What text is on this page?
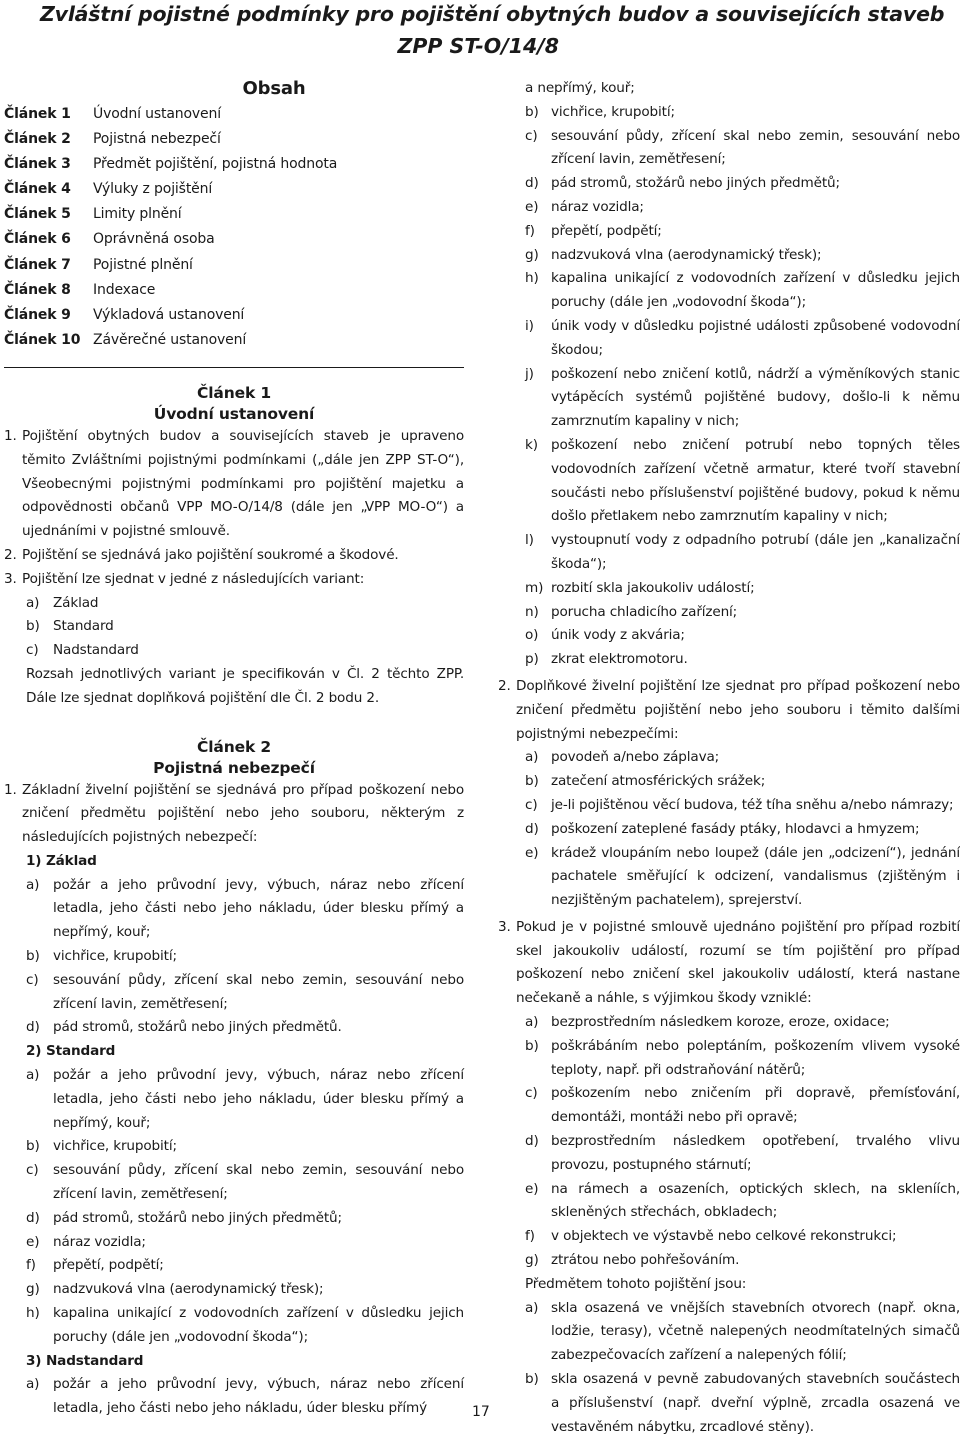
Zvláštní pojistné podmínky pro pojištění obytných budov a souvisejících staveb
ZPP ST-O/14/8
Obsah
Článek 1	Úvodní ustanovení
Článek 2	Pojistná nebezpečí
Článek 3	Předmět pojištění, pojistná hodnota
Článek 4	Výluky z pojištění
Článek 5	Limity plnění
Článek 6	Oprávněná osoba
Článek 7	Pojistné plnění
Článek 8	Indexace
Článek 9	Výkladová ustanovení
Článek 10 Závěrečné ustanovení
Článek 1
Úvodní ustanovení
1. Pojištění obytných budov a souvisejících staveb je upraveno těmito Zvláštními pojistnými podmínkami („dále jen ZPP ST-O“), Všeobecnými pojistnými podmínkami pro pojištění majetku a odpovědnosti občanů VPP MO-O/14/8 (dále jen „VPP MO-O“) a ujednáními v pojistné smlouvě.
2. Pojištění se sjednává jako pojištění soukromé a škodové.
3. Pojištění lze sjednat v jedné z následujících variant:
a)	Základ
b) Standard
c)	Nadstandard
Rozsah jednotlivých variant je specifikován v Čl. 2 těchto ZPP. Dále lze sjednat doplňková pojištění dle Čl. 2 bodu 2.
Článek 2
Pojistná nebezpečí
1. Základní živelní pojištění se sjednává pro případ poškození nebo zničení předmětu pojištění nebo jeho souboru, některým z následujících pojistných nebezpečí:
1) Základ
a)	požár a jeho průvodní jevy, výbuch, náraz nebo zřícení letadla, jeho části nebo jeho nákladu, úder blesku přímý a nepřímý, kouř;
b) vichřice, krupobití;
c)	sesouvání půdy, zřícení skal nebo zemin, sesouvání nebo zřícení lavin, zemětřesení;
d) pád stromů, stožárů nebo jiných předmětů.
2) Standard
a)	požár a jeho průvodní jevy, výbuch, náraz nebo zřícení letadla, jeho části nebo jeho nákladu, úder blesku přímý a nepřímý, kouř;
b) vichřice, krupobití;
c)	sesouvání půdy, zřícení skal nebo zemin, sesouvání nebo zřícení lavin, zemětřesení;
d) pád stromů, stožárů nebo jiných předmětů;
e)	náraz vozidla;
f)	přepětí, podpětí;
g) nadzvuková vlna (aerodynamický třesk);
h) kapalina unikající z vodovodních zařízení v důsledku jejich poruchy (dále jen „vodovodní škoda“);
3) Nadstandard
a)	požár a jeho průvodní jevy, výbuch, náraz nebo zřícení letadla, jeho části nebo jeho nákladu, úder blesku přímý
a nepřímý, kouř;
b) vichřice, krupobití;
c) sesouvání půdy, zřícení skal nebo zemin, sesouvání nebo zřícení lavin, zemětřesení;
d) pád stromů, stožárů nebo jiných předmětů;
e) náraz vozidla;
f)	přepětí, podpětí;
g) nadzvuková vlna (aerodynamický třesk);
h) kapalina unikající z vodovodních zařízení v důsledku jejich poruchy (dále jen „vodovodní škoda“);
i)	únik vody v důsledku pojistné události způsobené vodovodní škodou;
j)	poškození nebo zničení kotlů, nádrží a výměníkových stanic vytápěcích systémů pojištěné budovy, došlo-li k němu zamrznutím kapaliny v nich;
k) poškození nebo zničení potrubí nebo topných těles vodovodních zařízení včetně armatur, které tvoří stavební součásti nebo příslušenství pojištěné budovy, pokud k němu došlo přetlakem nebo zamrznutím kapaliny v nich;
l)	vystoupnutí vody z odpadního potrubí (dále jen „kanalizační škoda“);
m) rozbití skla jakoukoliv událostí;
n) porucha chladicího zařízení;
o) únik vody z akvária;
p) zkrat elektromotoru.
2. Doplňkové živelní pojištění lze sjednat pro případ poškození nebo zničení předmětu pojištění nebo jeho souboru i těmito dalšími pojistnými nebezpečími:
a) povodeň a/nebo záplava;
b) zatečení atmosférických srážek;
c) je-li pojištěnou věcí budova, též tíha sněhu a/nebo námrazy;
d) poškození zateplené fasády ptáky, hlodavci a hmyzem;
e) krádež vloupáním nebo loupež (dále jen „odcizení“), jednání pachatele směřující k odcizení, vandalismus (zjištěným i nezjištěným pachatelem), sprejerství.
3. Pokud je v pojistné smlouvě ujednáno pojištění pro případ rozbití skel jakoukoliv událostí, rozumí se tím pojištění pro případ poškození nebo zničení skel jakoukoliv událostí, která nastane nečekaně a náhle, s výjimkou škody vzniklé:
a) bezprostředním následkem koroze, eroze, oxidace;
b) poškrábáním nebo poleptáním, poškozením vlivem vysoké teploty, např. při odstraňování nátěrů;
c) poškozením nebo zničením při dopravě, přemísťování, demontáži, montáži nebo při opravě;
d) bezprostředním následkem opotřebení, trvalého vlivu provozu, postupného stárnutí;
e) na rámech a osazeních, optických sklech, na skleníích, skleněných střechách, obkladech;
f)	v objektech ve výstavbě nebo celkové rekonstrukci;
g) ztrátou nebo pohřešováním.
Předmětem tohoto pojištění jsou:
a) skla osazená ve vnějších stavebních otvorech (např. okna, lodžie, terasy), včetně nalepených neodmítatelných simačů zabezpečovacích zařízení a nalepených fólií;
b) skla osazená v pevně zabudovaných stavebních součástech a příslušenství (např. dveřní výplně, zrcadla osazená ve vestavěném nábytku, zrcadlové stěny).
17
